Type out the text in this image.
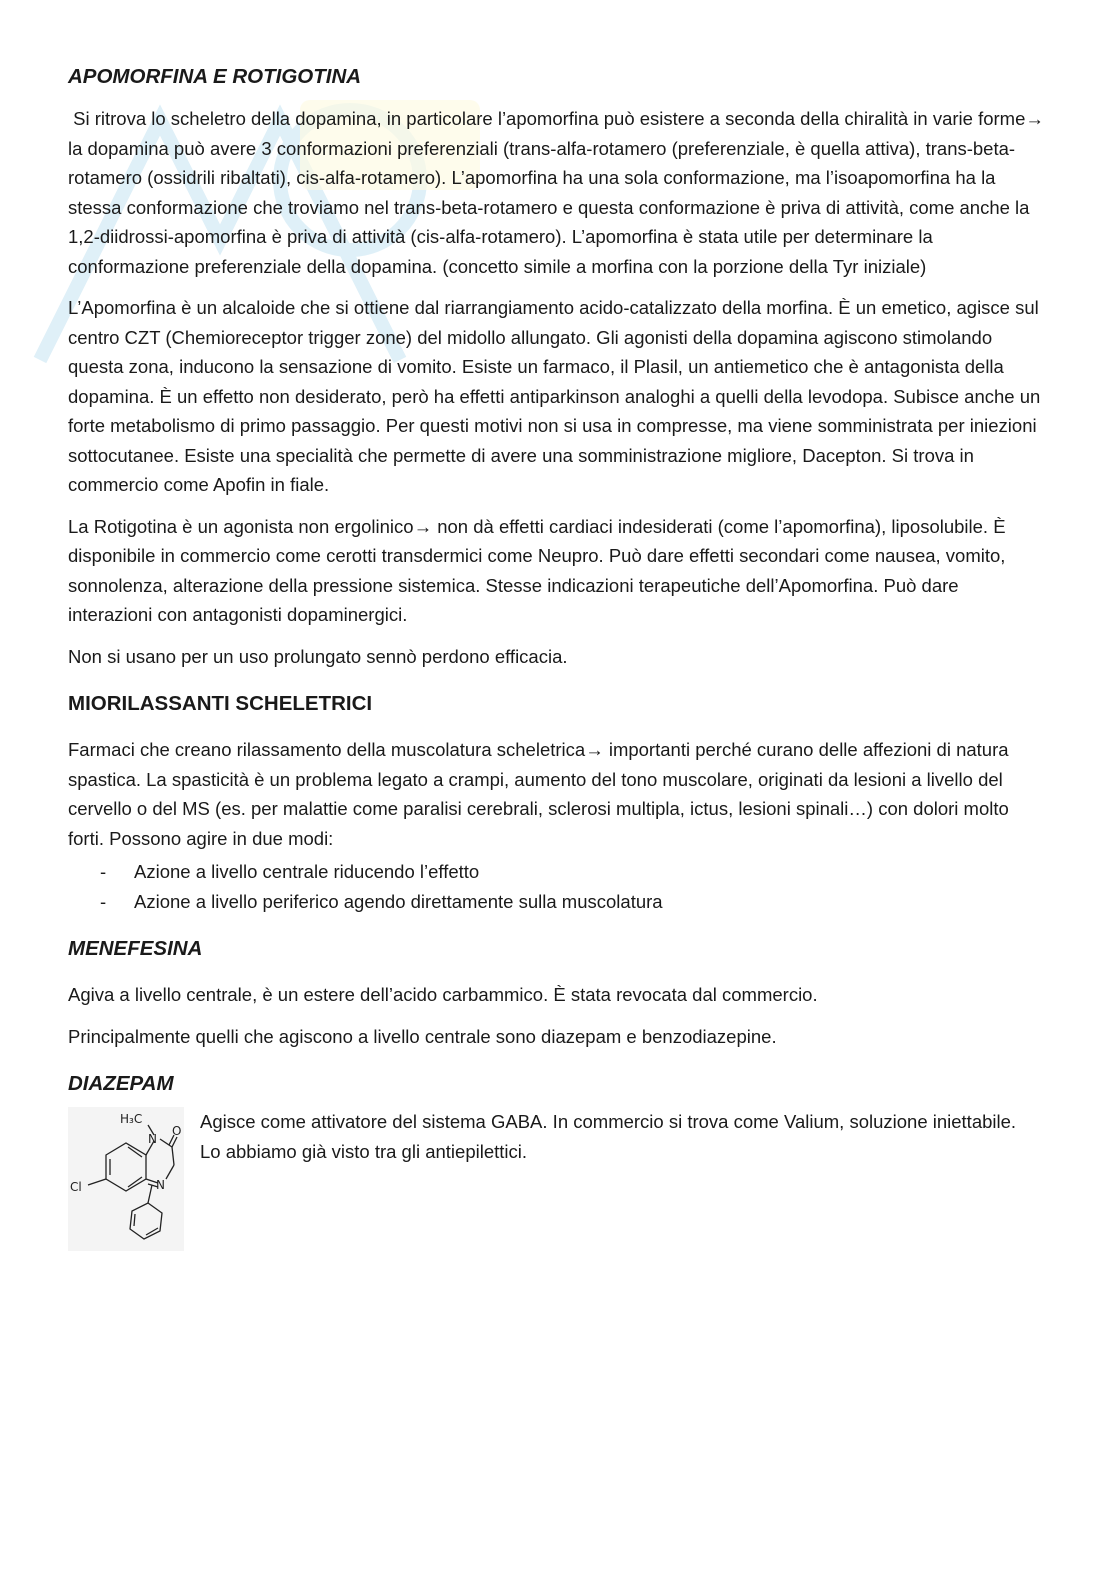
APOMORFINA E ROTIGOTINA

Si ritrova lo scheletro della dopamina, in particolare l’apomorfina può esistere a seconda della chiralità in varie forme→ la dopamina può avere 3 conformazioni preferenziali (trans-alfa-rotamero (preferenziale, è quella attiva), trans-beta-rotamero (ossidrili ribaltati), cis-alfa-rotamero). L’apomorfina ha una sola conformazione, ma l’isoapomorfina ha la stessa conformazione che troviamo nel trans-beta-rotamero e questa conformazione è priva di attività, come anche la 1,2-diidrossi-apomorfina è priva di attività (cis-alfa-rotamero). L’apomorfina è stata utile per determinare la conformazione preferenziale della dopamina. (concetto simile a morfina con la porzione della Tyr iniziale)

L’Apomorfina è un alcaloide che si ottiene dal riarrangiamento acido-catalizzato della morfina. È un emetico, agisce sul centro CZT (Chemioreceptor trigger zone) del midollo allungato. Gli agonisti della dopamina agiscono stimolando questa zona, inducono la sensazione di vomito. Esiste un farmaco, il Plasil, un antiemetico che è antagonista della dopamina. È un effetto non desiderato, però ha effetti antiparkinson analoghi a quelli della levodopa. Subisce anche un forte metabolismo di primo passaggio. Per questi motivi non si usa in compresse, ma viene somministrata per iniezioni sottocutanee. Esiste una specialità che permette di avere una somministrazione migliore, Dacepton. Si trova in commercio come Apofin in fiale.

La Rotigotina è un agonista non ergolinico→ non dà effetti cardiaci indesiderati (come l’apomorfina), liposolubile. È disponibile in commercio come cerotti transdermici come Neupro. Può dare effetti secondari come nausea, vomito, sonnolenza, alterazione della pressione sistemica. Stesse indicazioni terapeutiche dell’Apomorfina. Può dare interazioni con antagonisti dopaminergici.

Non si usano per un uso prolungato sennò perdono efficacia.

MIORILASSANTI SCHELETRICI

Farmaci che creano rilassamento della muscolatura scheletrica→ importanti perché curano delle affezioni di natura spastica. La spasticità è un problema legato a crampi, aumento del tono muscolare, originati da lesioni a livello del cervello o del MS (es. per malattie come paralisi cerebrali, sclerosi multipla, ictus, lesioni spinali…) con dolori molto forti. Possono agire in due modi:

- Azione a livello centrale riducendo l’effetto
- Azione a livello periferico agendo direttamente sulla muscolatura
MENEFESINA

Agiva a livello centrale, è un estere dell’acido carbammico. È stata revocata dal commercio.

Principalmente quelli che agiscono a livello centrale sono diazepam e benzodiazepine.

DIAZEPAM
H₃C
N
O
N
Cl

Agisce come attivatore del sistema GABA. In commercio si trova come Valium, soluzione iniettabile. Lo abbiamo già visto tra gli antiepilettici.
